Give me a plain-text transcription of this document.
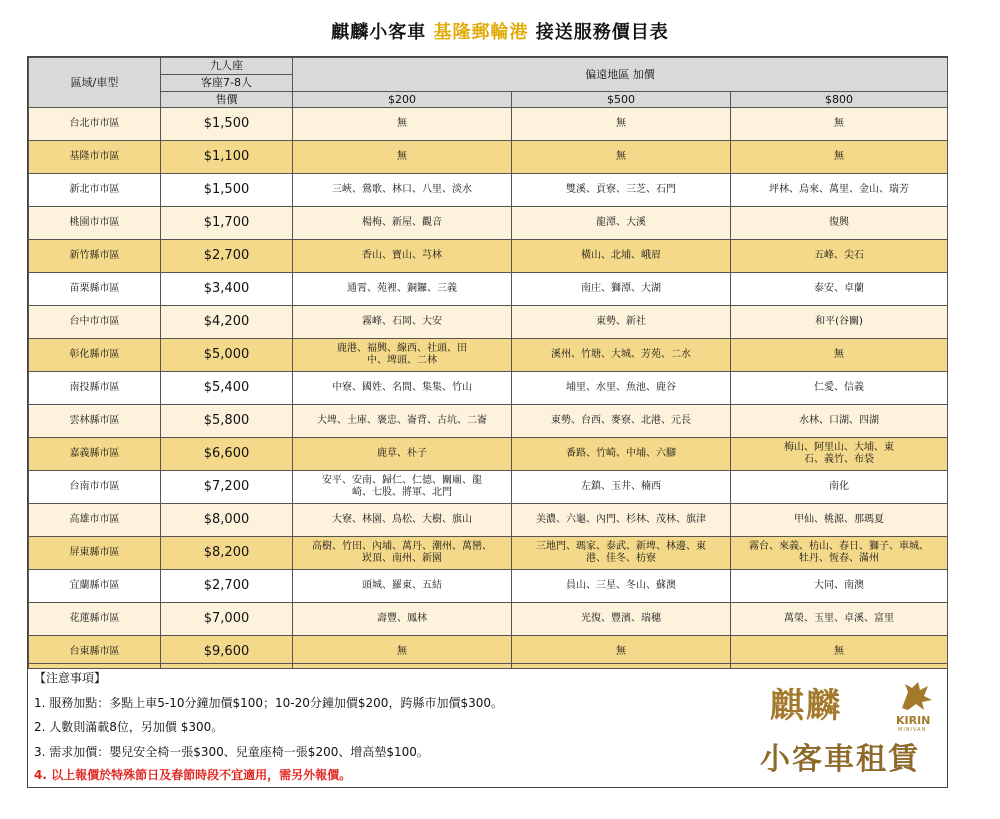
麒麟小客車 基隆郵輪港 接送服務價目表
區域/車型	九人座	偏遠地區 加價		
	客座7-8人			
	售價	$200	$500	$800
台北市市區	$1,500	無	無	無
基隆市市區	$1,100	無	無	無
新北市市區	$1,500	三峽、鶯歌、林口、八里、淡水	雙溪、貢寮、三芝、石門	坪林、烏來、萬里、金山、瑞芳
桃園市市區	$1,700	楊梅、新屋、觀音	龍潭、大溪	復興
新竹縣市區	$2,700	香山、寶山、芎林	橫山、北埔、峨眉	五峰、尖石
苗栗縣市區	$3,400	通霄、苑裡、銅鑼、三義	南庄、獅潭、大湖	泰安、卓蘭
台中市市區	$4,200	霧峰、石岡、大安	東勢、新社	和平(谷關)
彰化縣市區	$5,000	鹿港、福興、線西、社頭、田中、埤頭、二林	溪州、竹塘、大城、芳苑、二水	無
南投縣市區	$5,400	中寮、國姓、名間、集集、竹山	埔里、水里、魚池、鹿谷	仁愛、信義
雲林縣市區	$5,800	大埤、土庫、褒忠、崙背、古坑、二崙	東勢、台西、麥寮、北港、元長	水林、口湖、四湖
嘉義縣市區	$6,600	鹿草、朴子	番路、竹崎、中埔、六腳	梅山、阿里山、大埔、東石、義竹、布袋
台南市市區	$7,200	安平、安南、歸仁、仁德、關廟、龍崎、七股、將軍、北門	左鎮、玉井、楠西	南化
高雄市市區	$8,000	大寮、林園、鳥松、大樹、旗山	美濃、六龜、內門、杉林、茂林、旗津	甲仙、桃源、那瑪夏
屏東縣市區	$8,200	高樹、竹田、內埔、萬丹、潮州、萬巒、崁頂、南州、新園	三地門、瑪家、泰武、新埤、林邊、東港、佳冬、枋寮	霧台、來義、枋山、春日、獅子、車城、牡丹、恆春、滿州
宜蘭縣市區	$2,700	頭城、羅東、五結	員山、三星、冬山、蘇澳	大同、南澳
花蓮縣市區	$7,000	壽豐、鳳林	光復、豐濱、瑞穗	萬榮、玉里、卓溪、富里
台東縣市區	$9,600	無	無	無
【注意事項】
1. 服務加點：多點上車5-10分鐘加價$100；10-20分鐘加價$200，跨縣市加價$300。
2. 人數則滿載8位，另加價 $300。
3. 需求加價：嬰兒安全椅一張$300、兒童座椅一張$200、增高墊$100。
4. 以上報價於特殊節日及春節時段不宜適用，需另外報價。
麒麟	KIRIN
MINIVAN
小客車租賃
